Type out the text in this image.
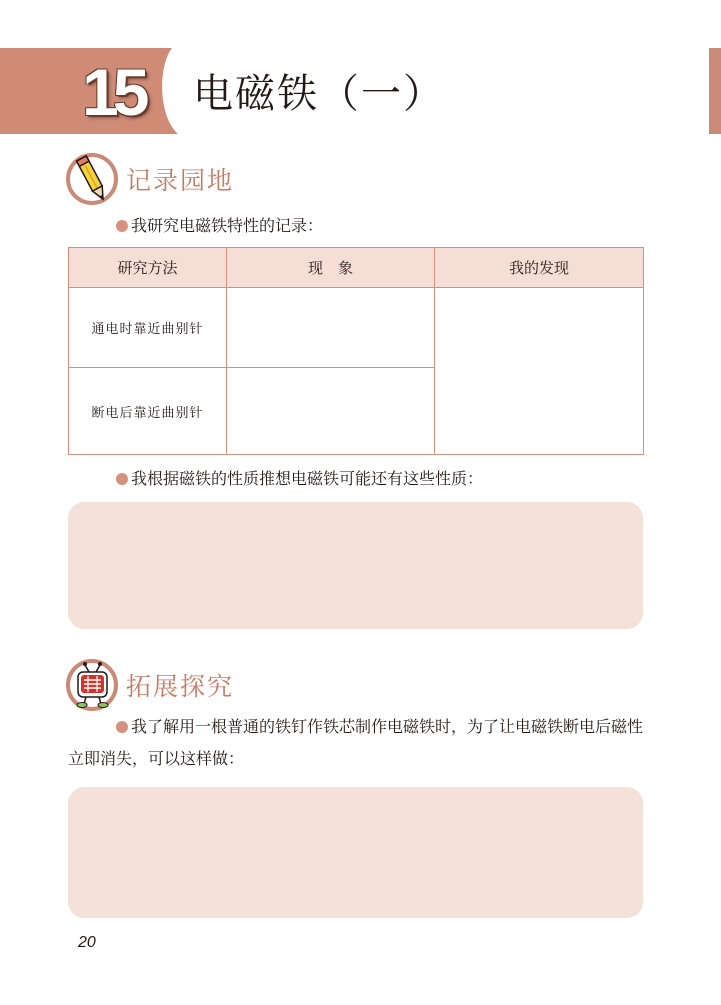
15	电磁铁（一）
记录园地
我研究电磁铁特性的记录：
研究方法	现　象	我的发现
通电时靠近曲别针		
断电后靠近曲别针		
我根据磁铁的性质推想电磁铁可能还有这些性质：
拓展探究
我了解用一根普通的铁钉作铁芯制作电磁铁时，为了让电磁铁断电后磁性立即消失，可以这样做：
20
